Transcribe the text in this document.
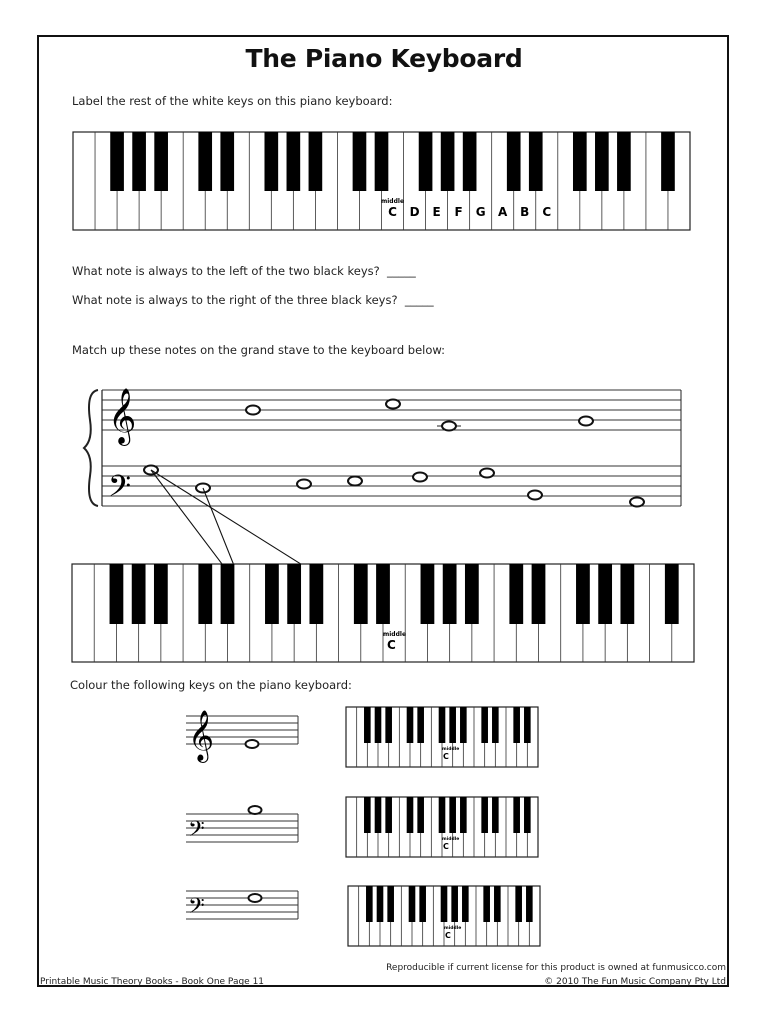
The Piano Keyboard
Label the rest of the white keys on this piano keyboard:
What note is always to the left of the two black keys? _____
What note is always to the right of the three black keys? _____
Match up these notes on the grand stave to the keyboard below:
Colour the following keys on the piano keyboard:
middle
C D E F G A B C
𝄞
𝄢
middle
C
𝄞
𝄢
𝄢
middle
C
middle
C
middle
C
Printable Music Theory Books - Book One Page 11
Reproducible if current license for this product is owned at funmusicco.com
© 2010 The Fun Music Company Pty Ltd
